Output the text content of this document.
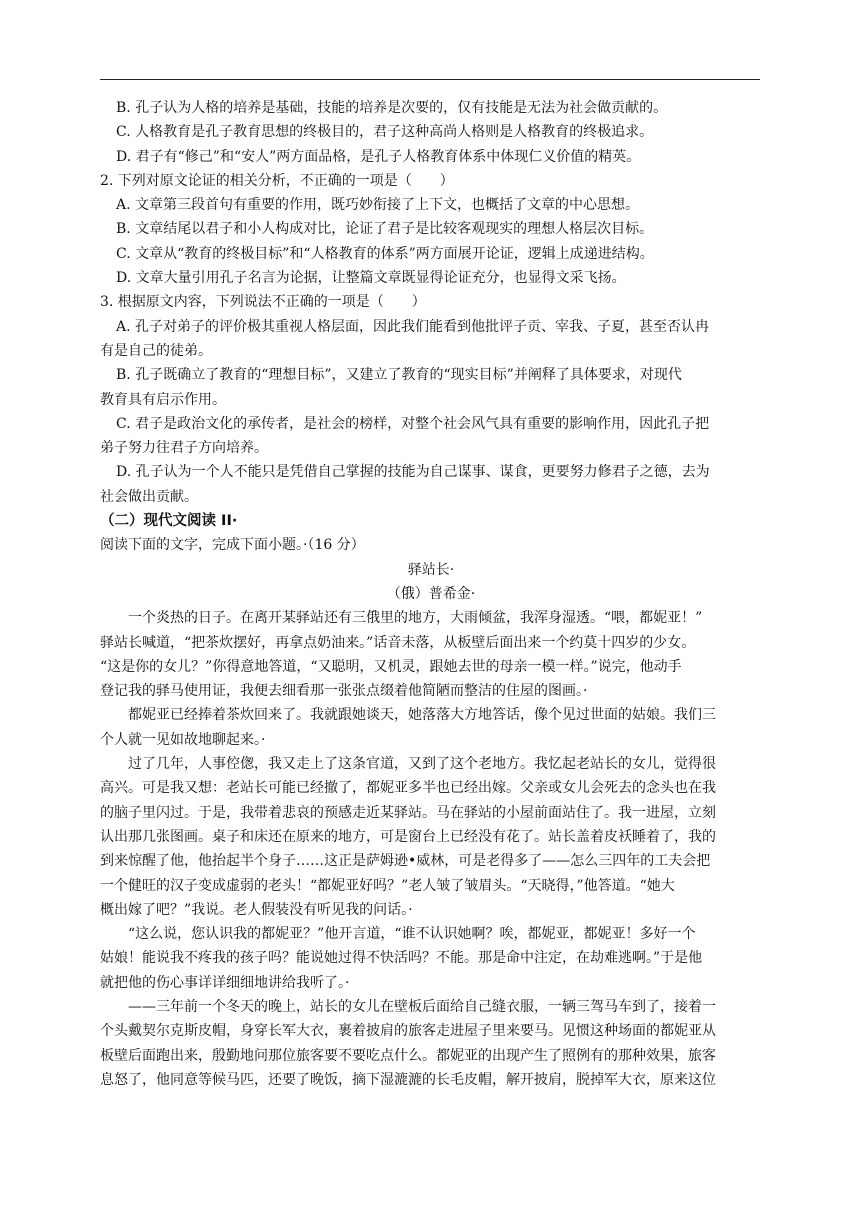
B. 孔子认为人格的培养是基础，技能的培养是次要的，仅有技能是无法为社会做贡献的。
C. 人格教育是孔子教育思想的终极目的，君子这种高尚人格则是人格教育的终极追求。
D. 君子有“修己”和“安人”两方面品格，是孔子人格教育体系中体现仁义价值的精英。
2. 下列对原文论证的相关分析，不正确的一项是（　　）
A. 文章第三段首句有重要的作用，既巧妙衔接了上下文，也概括了文章的中心思想。
B. 文章结尾以君子和小人构成对比，论证了君子是比较客观现实的理想人格层次目标。
C. 文章从“教育的终极目标”和“人格教育的体系”两方面展开论证，逻辑上成递进结构。
D. 文章大量引用孔子名言为论据，让整篇文章既显得论证充分，也显得文采飞扬。
3. 根据原文内容，下列说法不正确的一项是（　　）
A. 孔子对弟子的评价极其重视人格层面，因此我们能看到他批评子贡、宰我、子夏，甚至否认冉
有是自己的徒弟。
B. 孔子既确立了教育的“理想目标”，又建立了教育的“现实目标”并阐释了具体要求，对现代
教育具有启示作用。
C. 君子是政治文化的承传者，是社会的榜样，对整个社会风气具有重要的影响作用，因此孔子把
弟子努力往君子方向培养。
D. 孔子认为一个人不能只是凭借自己掌握的技能为自己谋事、谋食，更要努力修君子之德，去为
社会做出贡献。
（二）现代文阅读 II·
阅读下面的文字，完成下面小题。·（16 分）
驿站长·
（俄）普希金·
一个炎热的日子。在离开某驿站还有三俄里的地方，大雨倾盆，我浑身湿透。“喂，都妮亚！”
驿站长喊道，“把茶炊摆好，再拿点奶油来。”话音未落，从板壁后面出来一个约莫十四岁的少女。
“这是你的女儿？”你得意地答道，“又聪明，又机灵，跟她去世的母亲一模一样。”说完，他动手
登记我的驿马使用证，我便去细看那一张张点缀着他简陋而整洁的住屋的图画。·
都妮亚已经捧着茶炊回来了。我就跟她谈天，她落落大方地答话，像个见过世面的姑娘。我们三
个人就一见如故地聊起来。·
过了几年，人事倥偬，我又走上了这条官道，又到了这个老地方。我忆起老站长的女儿，觉得很
高兴。可是我又想：老站长可能已经撤了，都妮亚多半也已经出嫁。父亲或女儿会死去的念头也在我
的脑子里闪过。于是，我带着悲哀的预感走近某驿站。马在驿站的小屋前面站住了。我一进屋，立刻
认出那几张图画。桌子和床还在原来的地方，可是窗台上已经没有花了。站长盖着皮袄睡着了，我的
到来惊醒了他，他抬起半个身子……这正是萨姆逊•威林，可是老得多了——怎么三四年的工夫会把
一个健旺的汉子变成虚弱的老头！“都妮亚好吗？”老人皱了皱眉头。“天晓得，”他答道。“她大
概出嫁了吧？”我说。老人假装没有听见我的问话。·
“这么说，您认识我的都妮亚？”他开言道，“谁不认识她啊？唉，都妮亚，都妮亚！多好一个
姑娘！能说我不疼我的孩子吗？能说她过得不快活吗？不能。那是命中注定，在劫难逃啊。”于是他
就把他的伤心事详详细细地讲给我听了。·
——三年前一个冬天的晚上，站长的女儿在壁板后面给自己缝衣服，一辆三驾马车到了，接着一
个头戴契尔克斯皮帽，身穿长军大衣，裹着披肩的旅客走进屋子里来要马。见惯这种场面的都妮亚从
板壁后面跑出来，殷勤地问那位旅客要不要吃点什么。都妮亚的出现产生了照例有的那种效果，旅客
息怒了，他同意等候马匹，还要了晚饭，摘下湿漉漉的长毛皮帽，解开披肩，脱掉军大衣，原来这位
